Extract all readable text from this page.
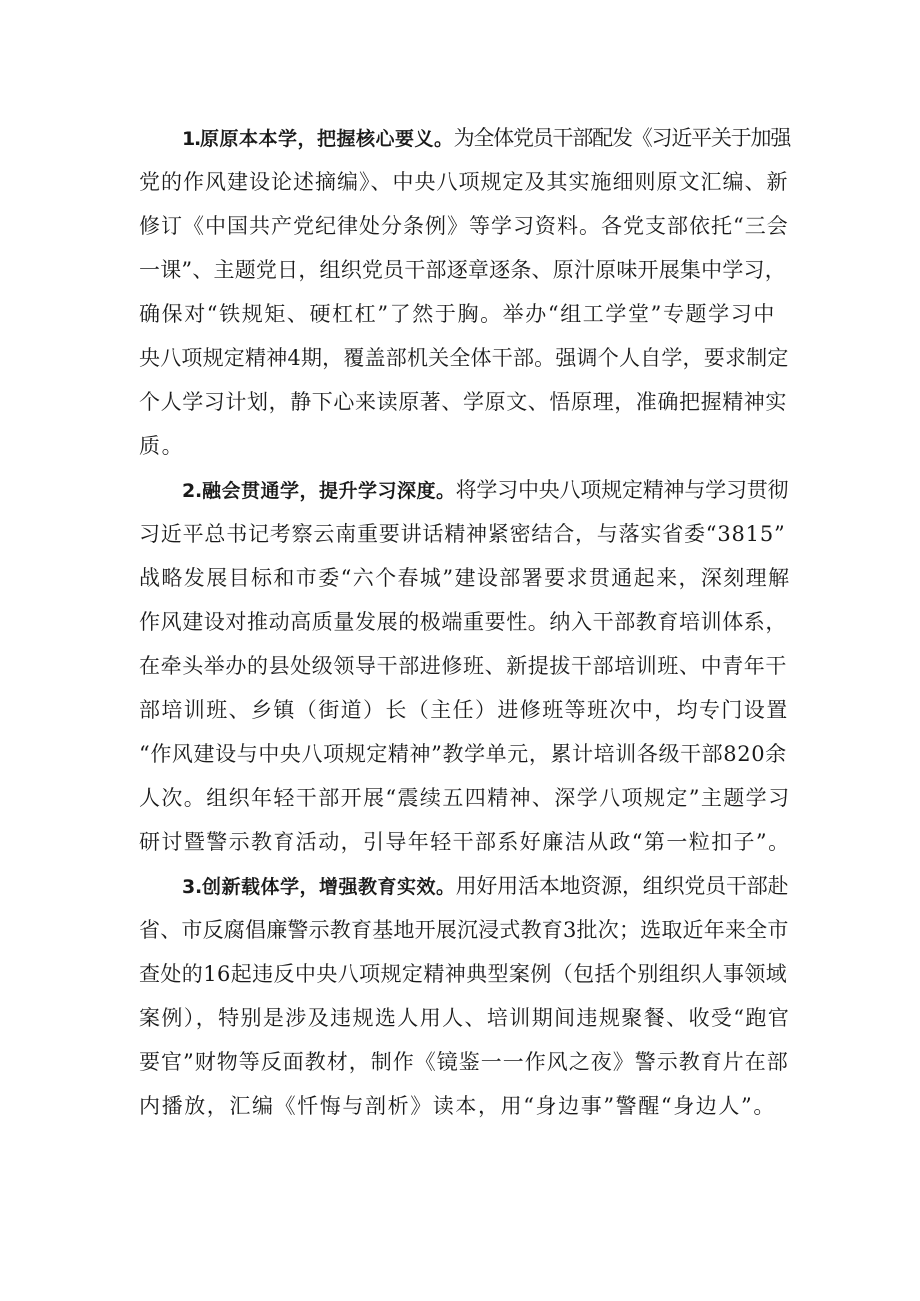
1.原原本本学，把握核心要义。为全体党员干部配发《习近平关于加强
党的作风建设论述摘编》、中央八项规定及其实施细则原文汇编、新
修订《中国共产党纪律处分条例》等学习资料。各党支部依托“三会
一课”、主题党日，组织党员干部逐章逐条、原汁原味开展集中学习，
确保对“铁规矩、硬杠杠”了然于胸。举办“组工学堂”专题学习中
央八项规定精神4期，覆盖部机关全体干部。强调个人自学，要求制定
个人学习计划，静下心来读原著、学原文、悟原理，准确把握精神实
质。
2.融会贯通学，提升学习深度。将学习中央八项规定精神与学习贯彻
习近平总书记考察云南重要讲话精神紧密结合，与落实省委“3815”
战略发展目标和市委“六个春城”建设部署要求贯通起来，深刻理解
作风建设对推动高质量发展的极端重要性。纳入干部教育培训体系，
在牵头举办的县处级领导干部进修班、新提拔干部培训班、中青年干
部培训班、乡镇（街道）长（主任）进修班等班次中，均专门设置
“作风建设与中央八项规定精神”教学单元，累计培训各级干部820余
人次。组织年轻干部开展“震续五四精神、深学八项规定”主题学习
研讨暨警示教育活动，引导年轻干部系好廉洁从政“第一粒扣子”。
3.创新载体学，增强教育实效。用好用活本地资源，组织党员干部赴
省、市反腐倡廉警示教育基地开展沉浸式教育3批次；选取近年来全市
查处的16起违反中央八项规定精神典型案例（包括个别组织人事领域
案例），特别是涉及违规选人用人、培训期间违规聚餐、收受“跑官
要官”财物等反面教材，制作《镜鉴一一作风之夜》警示教育片在部
内播放，汇编《忏悔与剖析》读本，用“身边事”警醒“身边人”。
